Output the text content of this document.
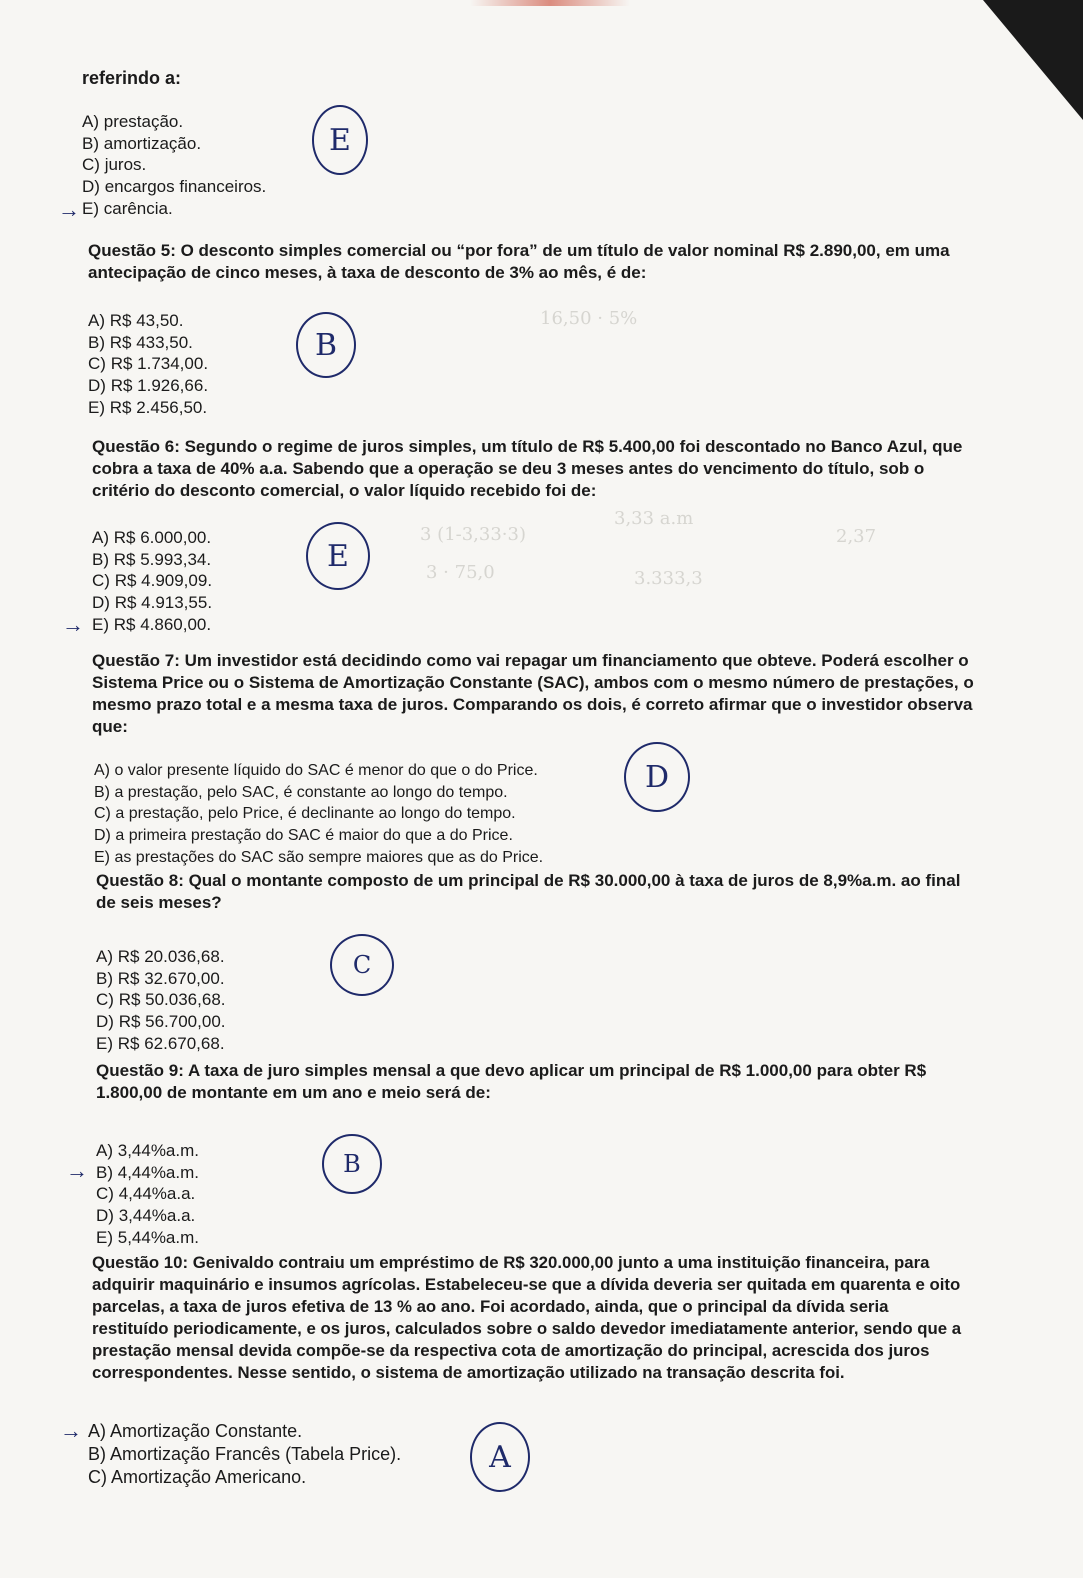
referindo a:
A) prestação.
B) amortização.
C) juros.
D) encargos financeiros.
E) carência.
→
E
Questão 5: O desconto simples comercial ou “por fora” de um título de valor nominal R$ 2.890,00, em uma
antecipação de cinco meses, à taxa de desconto de 3% ao mês, é de:
A) R$ 43,50.
B) R$ 433,50.
C) R$ 1.734,00.
D) R$ 1.926,66.
E) R$ 2.456,50.
16,50 · 5%
B
Questão 6: Segundo o regime de juros simples, um título de R$ 5.400,00 foi descontado no Banco Azul, que
cobra a taxa de 40% a.a. Sabendo que a operação se deu 3 meses antes do vencimento do título, sob o
critério do desconto comercial, o valor líquido recebido foi de:
A) R$ 6.000,00.
B) R$ 5.993,34.
C) R$ 4.909,09.
D) R$ 4.913,55.
E) R$ 4.860,00.
→
3 (1-3,33·3)
3,33 a.m
3 · 75,0	3.333,3
2,37
E
Questão 7: Um investidor está decidindo como vai repagar um financiamento que obteve. Poderá escolher o
Sistema Price ou o Sistema de Amortização Constante (SAC), ambos com o mesmo número de prestações, o
mesmo prazo total e a mesma taxa de juros. Comparando os dois, é correto afirmar que o investidor observa
que:
A) o valor presente líquido do SAC é menor do que o do Price.
B) a prestação, pelo SAC, é constante ao longo do tempo.
C) a prestação, pelo Price, é declinante ao longo do tempo.
D) a primeira prestação do SAC é maior do que a do Price.
E) as prestações do SAC são sempre maiores que as do Price.
D
Questão 8: Qual o montante composto de um principal de R$ 30.000,00 à taxa de juros de 8,9%a.m. ao final
de seis meses?
A) R$ 20.036,68.
B) R$ 32.670,00.
C) R$ 50.036,68.
D) R$ 56.700,00.
E) R$ 62.670,68.
C
Questão 9: A taxa de juro simples mensal a que devo aplicar um principal de R$ 1.000,00 para obter R$
1.800,00 de montante em um ano e meio será de:
A) 3,44%a.m.
B) 4,44%a.m.
C) 4,44%a.a.
D) 3,44%a.a.
E) 5,44%a.m.
→	B
Questão 10: Genivaldo contraiu um empréstimo de R$ 320.000,00 junto a uma instituição financeira, para
adquirir maquinário e insumos agrícolas. Estabeleceu-se que a dívida deveria ser quitada em quarenta e oito
parcelas, a taxa de juros efetiva de 13 % ao ano. Foi acordado, ainda, que o principal da dívida seria
restituído periodicamente, e os juros, calculados sobre o saldo devedor imediatamente anterior, sendo que a
prestação mensal devida compõe-se da respectiva cota de amortização do principal, acrescida dos juros
correspondentes. Nesse sentido, o sistema de amortização utilizado na transação descrita foi.
A) Amortização Constante.
B) Amortização Francês (Tabela Price).
C) Amortização Americano.
→
A
